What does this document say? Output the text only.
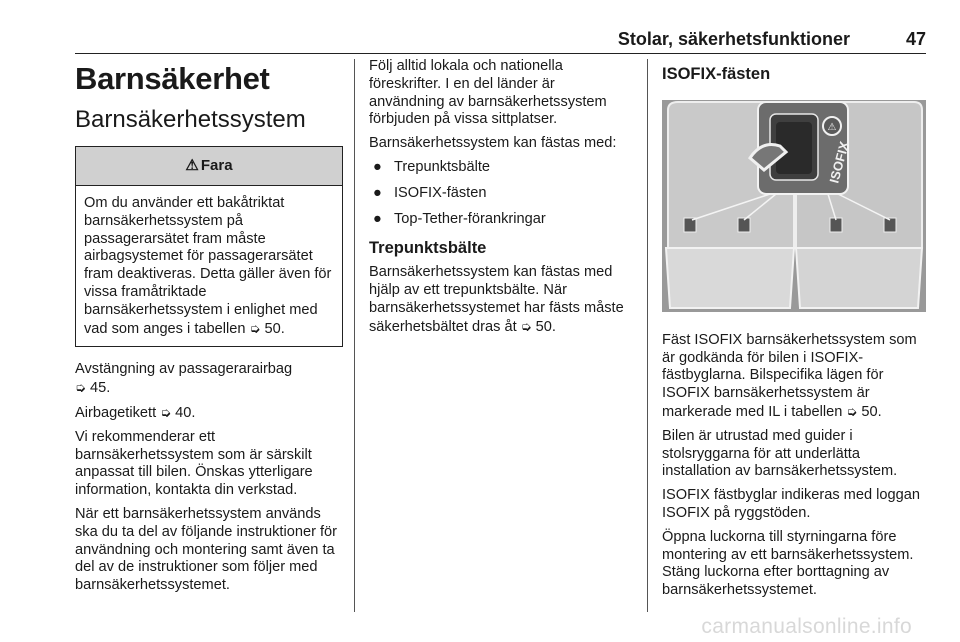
Stolar, säkerhetsfunktioner	47
Barnsäkerhet
Barnsäkerhetssystem
⚠ Fara
Om du använder ett bakåtriktat barnsäkerhetssystem på passagerarsätet fram måste airbagsystemet för passagerarsätet fram deaktiveras. Detta gäller även för vissa framåtriktade barnsäkerhetssystem i enlighet med vad som anges i tabellen ➭ 50.

Avstängning av passagerarairbag
➭ 45.

Airbagetikett ➭ 40.

Vi rekommenderar ett barnsäkerhetssystem som är särskilt anpassat till bilen. Önskas ytterligare information, kontakta din verkstad.

När ett barnsäkerhetssystem används ska du ta del av följande instruktioner för användning och montering samt även ta del av de instruktioner som följer med barnsäkerhetssystemet.

Följ alltid lokala och nationella föreskrifter. I en del länder är användning av barnsäkerhetssystem förbjuden på vissa sittplatser.

Barnsäkerhetssystem kan fästas med:

● Trepunktsbälte
● ISOFIX-fästen
● Top-Tether-förankringar
Trepunktsbälte

Barnsäkerhetssystem kan fästas med hjälp av ett trepunktsbälte. När barnsäkerhetssystemet har fästs måste säkerhetsbältet dras åt ➭ 50.

ISOFIX-fästen
⚠
ISOFIX

Fäst ISOFIX barnsäkerhetssystem som är godkända för bilen i ISOFIX-fästbyglarna. Bilspecifika lägen för ISOFIX barnsäkerhetssystem är markerade med IL i tabellen ➭ 50.

Bilen är utrustad med guider i stolsryggarna för att underlätta installation av barnsäkerhetssystem.

ISOFIX fästbyglar indikeras med loggan ISOFIX på ryggstöden.

Öppna luckorna till styrningarna före montering av ett barnsäkerhetssystem. Stäng luckorna efter borttagning av barnsäkerhetssystemet.

carmanualsonline.info
